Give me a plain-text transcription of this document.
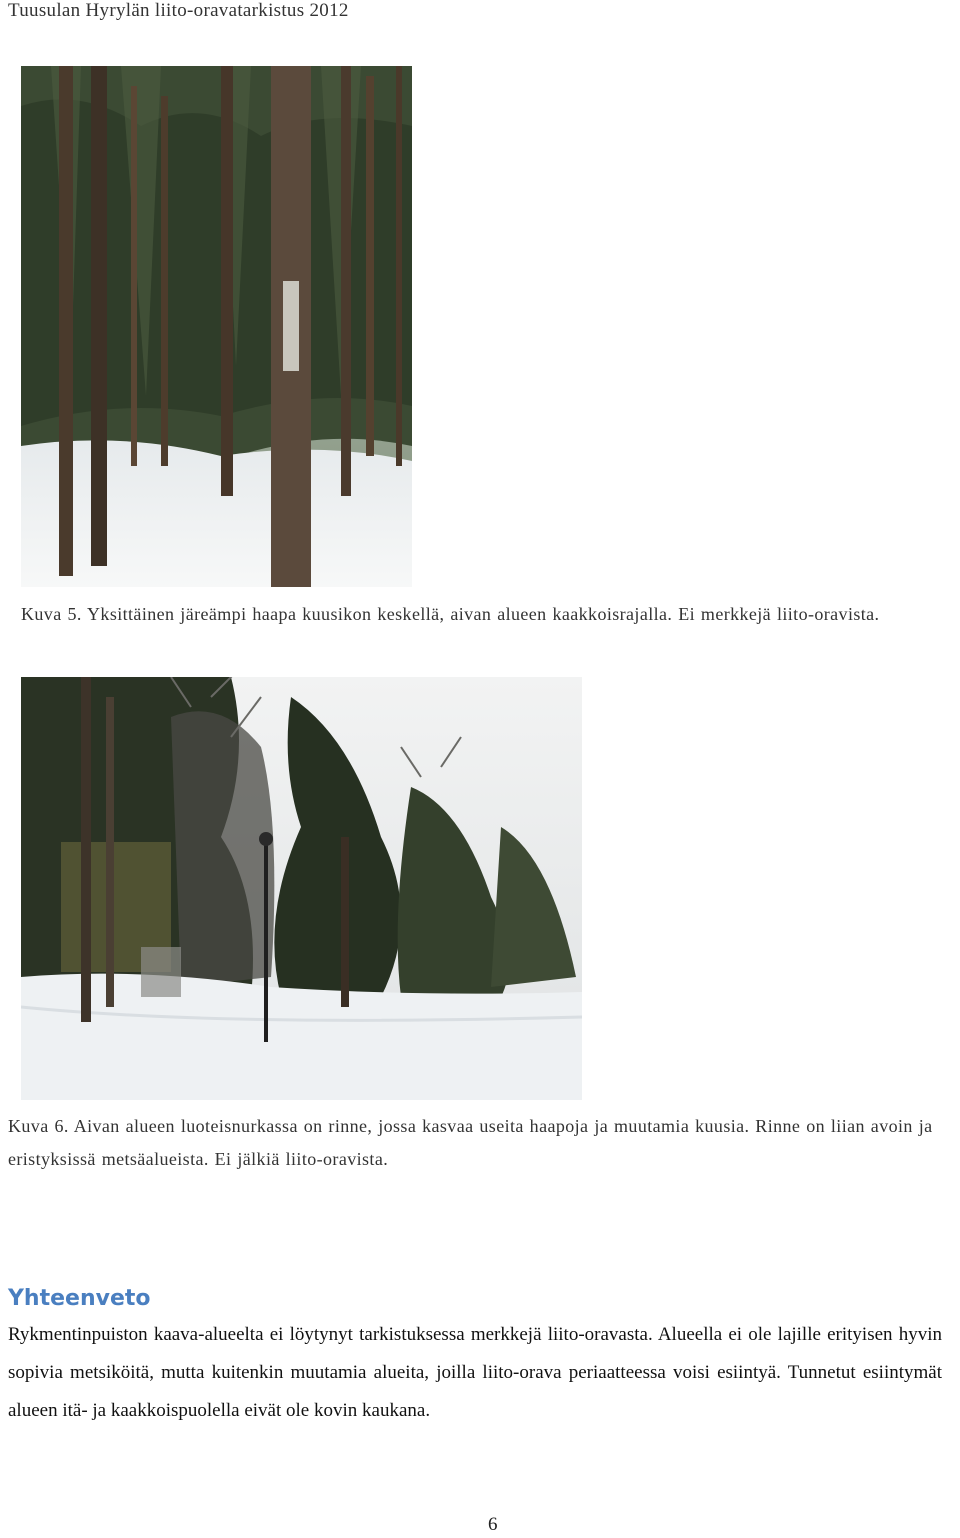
Tuusulan Hyrylän liito-oravatarkistus 2012
Kuva 5. Yksittäinen järeämpi haapa kuusikon keskellä, aivan alueen kaakkoisrajalla. Ei merkkejä liito-oravista.
Kuva 6. Aivan alueen luoteisnurkassa on rinne, jossa kasvaa useita haapoja ja muutamia kuusia. Rinne on liian avoin ja eristyksissä metsäalueista. Ei jälkiä liito-oravista.
Yhteenveto
Rykmentinpuiston kaava-alueelta ei löytynyt tarkistuksessa merkkejä liito-oravasta. Alueella ei ole lajille erityisen hyvin sopivia metsiköitä, mutta kuitenkin muutamia alueita, joilla liito-orava periaatteessa voisi esiintyä. Tunnetut esiintymät alueen itä- ja kaakkoispuolella eivät ole kovin kaukana.
6
